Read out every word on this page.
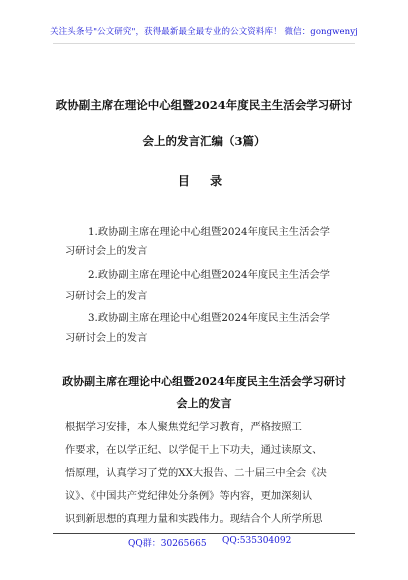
关注头条号"公文研究"，获得最新最全最专业的公文资料库！ 微信：gongwenyj
政协副主席在理论中心组暨2024年度民主生活会学习研讨
会上的发言汇编（3篇）
目 录
1.政协副主席在理论中心组暨2024年度民主生活会学
习研讨会上的发言
2.政协副主席在理论中心组暨2024年度民主生活会学
习研讨会上的发言
3.政协副主席在理论中心组暨2024年度民主生活会学
习研讨会上的发言
政协副主席在理论中心组暨2024年度民主生活会学习研讨
会上的发言
根据学习安排，本人聚焦党纪学习教育，严格按照工
作要求，在以学正纪、以学促干上下功夫，通过读原文、
悟原理，认真学习了党的XX大报告、二十届三中全会《决
议》、《中国共产党纪律处分条例》等内容，更加深刻认
识到新思想的真理力量和实践伟力。现结合个人所学所思
QQ群：30265665 QQ:535304092
